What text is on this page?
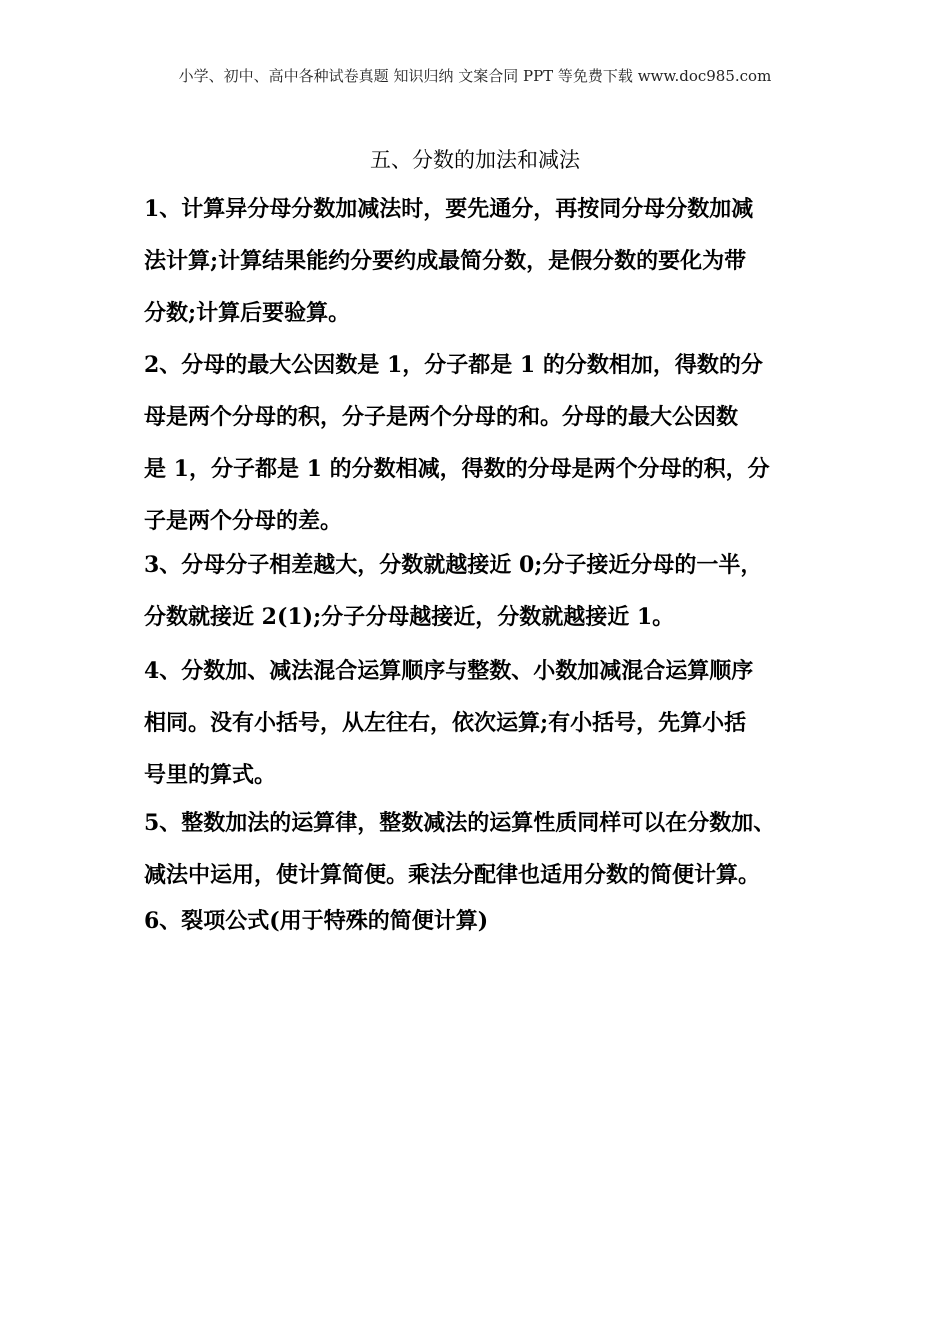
小学、初中、高中各种试卷真题 知识归纳 文案合同 PPT 等免费下载 www.doc985.com
五、分数的加法和减法
1、计算异分母分数加减法时，要先通分，再按同分母分数加减
法计算;计算结果能约分要约成最简分数，是假分数的要化为带
分数;计算后要验算。
2、分母的最大公因数是 1，分子都是 1 的分数相加，得数的分
母是两个分母的积，分子是两个分母的和。分母的最大公因数
是 1，分子都是 1 的分数相减，得数的分母是两个分母的积，分
子是两个分母的差。
3、分母分子相差越大，分数就越接近 0;分子接近分母的一半，
分数就接近 2(1);分子分母越接近，分数就越接近 1。
4、分数加、减法混合运算顺序与整数、小数加减混合运算顺序
相同。没有小括号，从左往右，依次运算;有小括号，先算小括
号里的算式。
5、整数加法的运算律，整数减法的运算性质同样可以在分数加、
减法中运用，使计算简便。乘法分配律也适用分数的简便计算。
6、裂项公式(用于特殊的简便计算)
